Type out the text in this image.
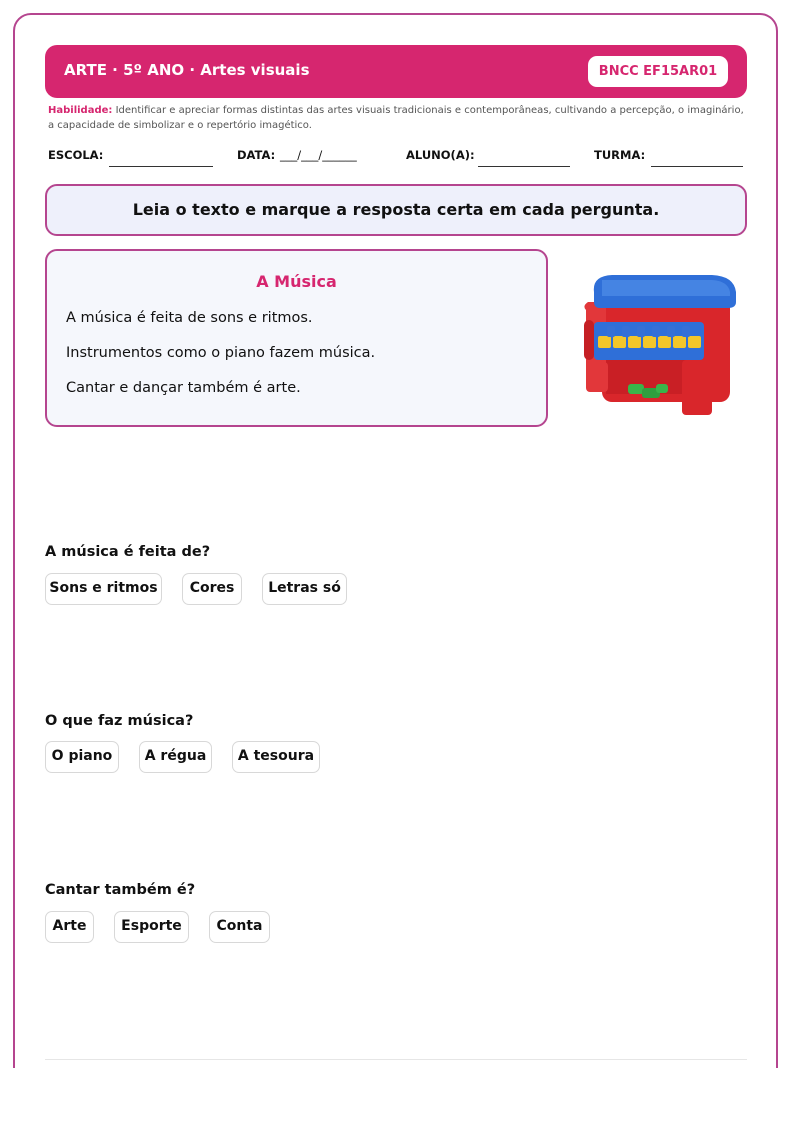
ARTE · 5º ANO · Artes visuais	BNCC EF15AR01
Habilidade: Identificar e apreciar formas distintas das artes visuais tradicionais e contemporâneas, cultivando a percepção, o imaginário, a capacidade de simbolizar e o repertório imagético.
ESCOLA:	DATA: ___/___/______	ALUNO(A):	TURMA:
Leia o texto e marque a resposta certa em cada pergunta.
A Música
A música é feita de sons e ritmos.
Instrumentos como o piano fazem música.
Cantar e dançar também é arte.
A música é feita de?
Sons e ritmos	Cores	Letras só
O que faz música?
O piano	A régua	A tesoura
Cantar também é?
Arte	Esporte	Conta
